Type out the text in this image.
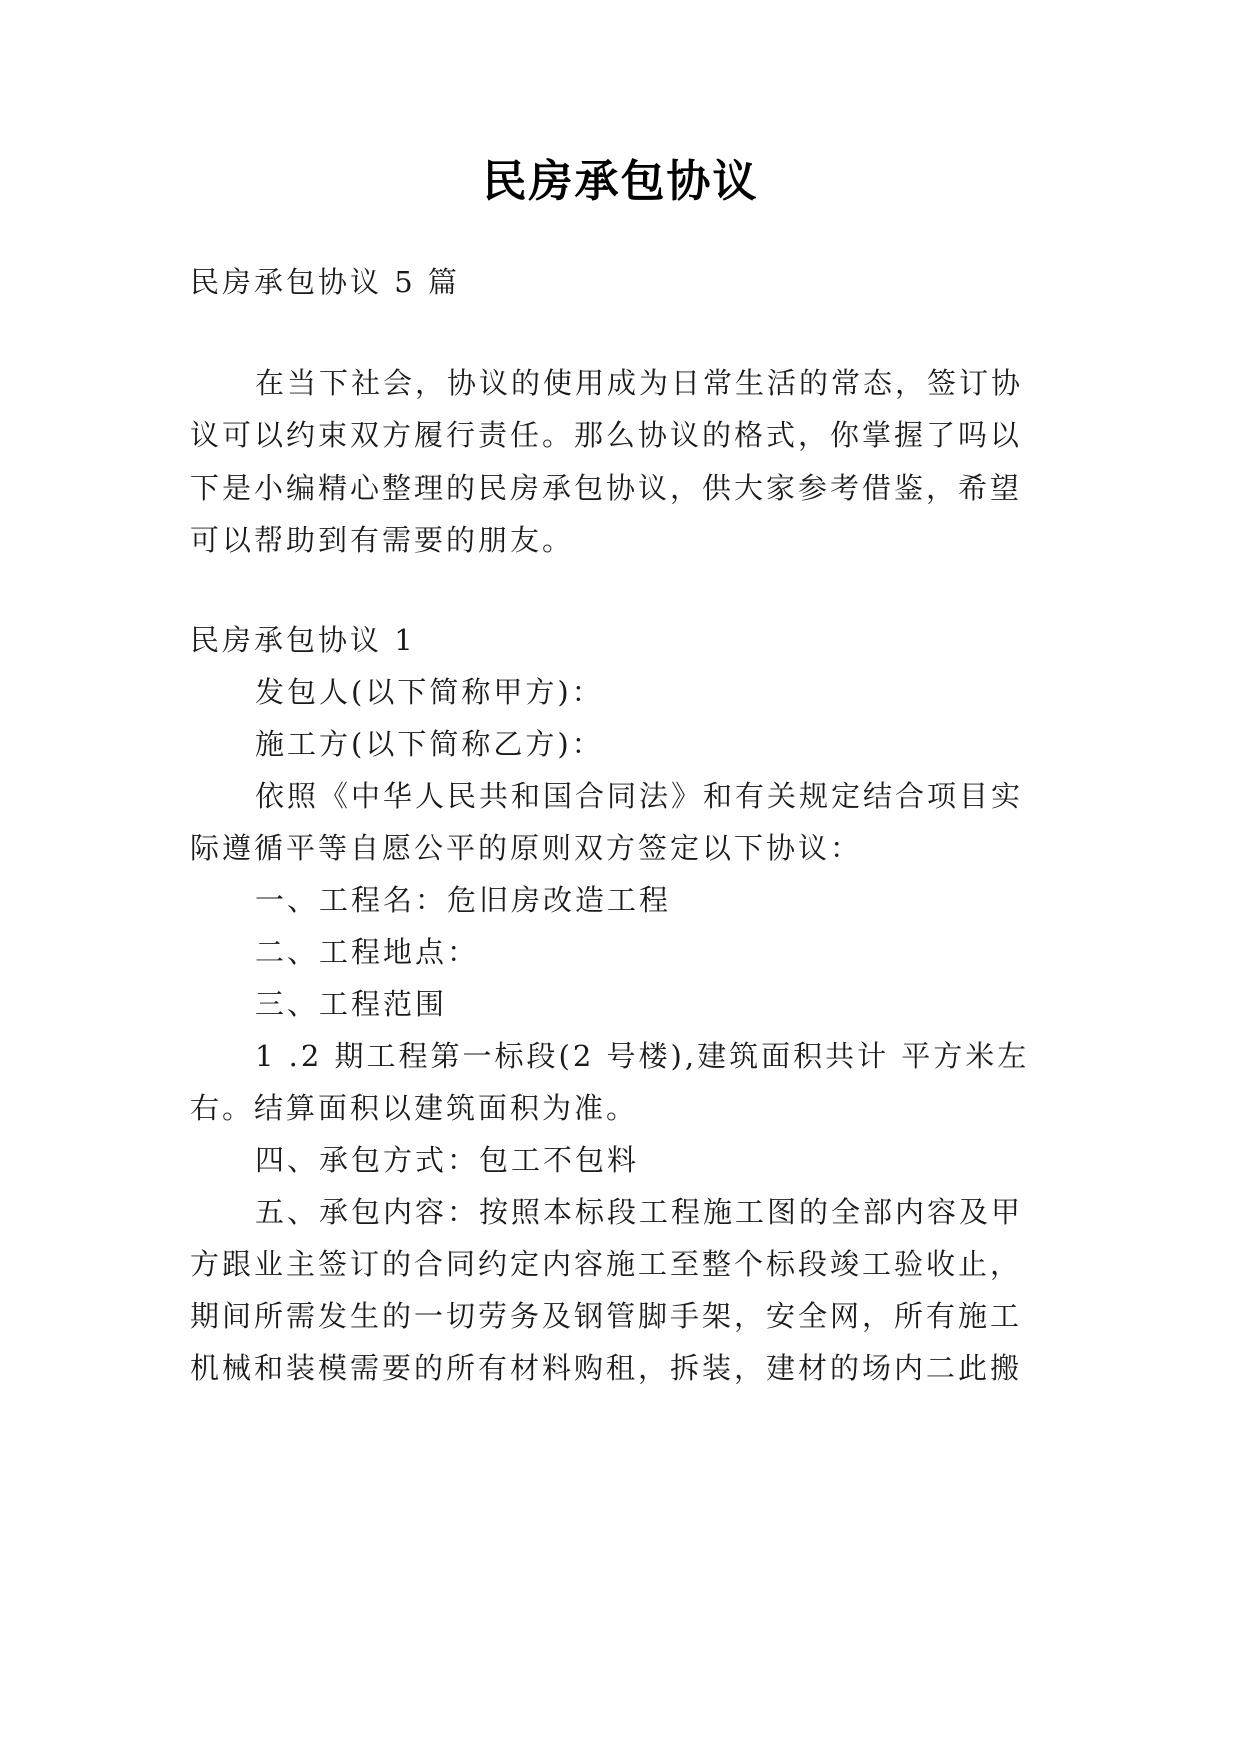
民房承包协议
民房承包协议 5 篇
在当下社会，协议的使用成为日常生活的常态，签订协
议可以约束双方履行责任。那么协议的格式，你掌握了吗以
下是小编精心整理的民房承包协议，供大家参考借鉴，希望
可以帮助到有需要的朋友。
民房承包协议 1
发包人(以下简称甲方)：
施工方(以下简称乙方)：
依照《中华人民共和国合同法》和有关规定结合项目实
际遵循平等自愿公平的原则双方签定以下协议：
一、工程名：危旧房改造工程
二、工程地点：
三、工程范围
1 .2 期工程第一标段(2 号楼),建筑面积共计 平方米左
右。结算面积以建筑面积为准。
四、承包方式：包工不包料
五、承包内容：按照本标段工程施工图的全部内容及甲
方跟业主签订的合同约定内容施工至整个标段竣工验收止，
期间所需发生的一切劳务及钢管脚手架，安全网，所有施工
机械和装模需要的所有材料购租，拆装，建材的场内二此搬
